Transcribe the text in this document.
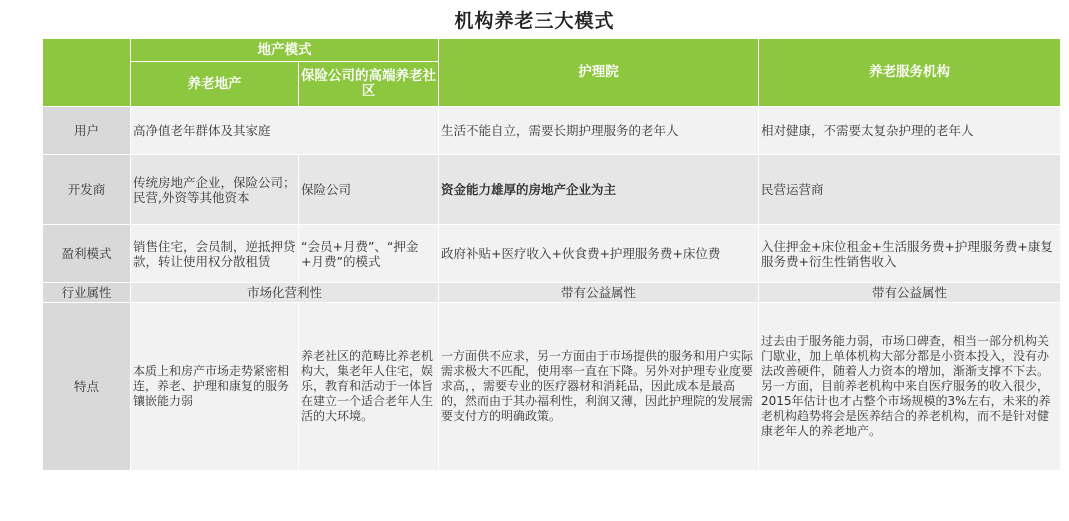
机构养老三大模式
	地产模式		护理院	养老服务机构
	养老地产	保险公司的高端养老社区		
用户	高净值老年群体及其家庭		生活不能自立，需要长期护理服务的老年人	相对健康，不需要太复杂护理的老年人
开发商	传统房地产企业，保险公司；民营,外资等其他资本	保险公司	资金能力雄厚的房地产企业为主	民营运营商
盈利模式	销售住宅，会员制，逆抵押贷款，转让使用权分散租赁	“会员+月费”、“押金+月费”的模式	政府补贴+医疗收入+伙食费+护理服务费+床位费	入住押金+床位租金+生活服务费+护理服务费+康复服务费+衍生性销售收入
行业属性	市场化营利性		带有公益属性	带有公益属性
特点	本质上和房产市场走势紧密相连，养老、护理和康复的服务镶嵌能力弱	养老社区的范畴比养老机构大，集老年人住宅，娱乐，教育和活动于一体旨在建立一个适合老年人生活的大环境。	一方面供不应求，另一方面由于市场提供的服务和用户实际需求极大不匹配，使用率一直在下降。另外对护理专业度要求高，，需要专业的医疗器材和消耗品，因此成本是最高的，然而由于其办福利性，利润又薄，因此护理院的发展需要支付方的明确政策。	过去由于服务能力弱，市场口碑查，相当一部分机构关门歇业，加上单体机构大部分都是小资本投入，没有办法改善硬件，随着人力资本的增加，渐渐支撑不下去。另一方面，目前养老机构中来自医疗服务的收入很少，2015年估计也才占整个市场规模的3%左右，未来的养老机构趋势将会是医养结合的养老机构，而不是针对健康老年人的养老地产。
